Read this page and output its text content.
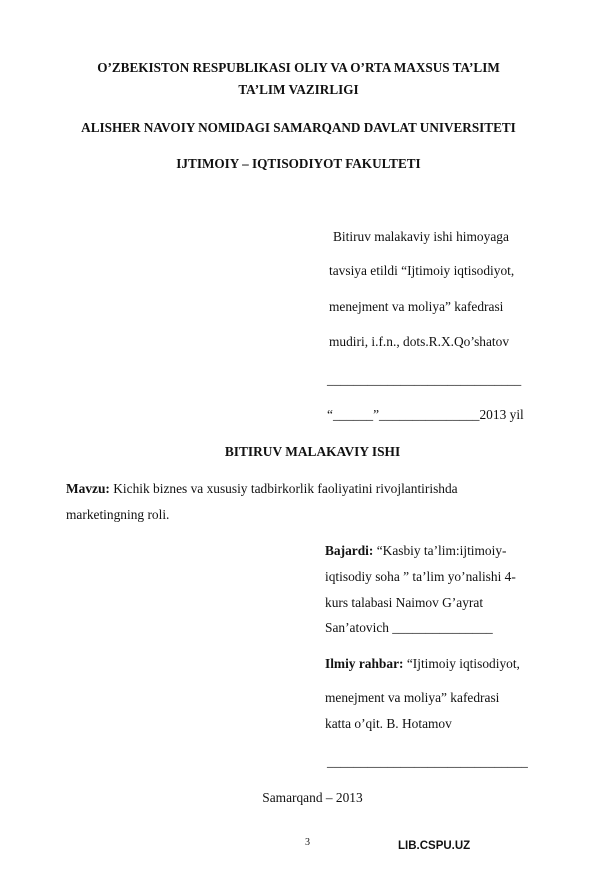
O’ZBEKISTON RESPUBLIKASI OLIY VA O’RTA MAXSUS TA’LIM
TA’LIM VAZIRLIGI
ALISHER NAVOIY NOMIDAGI SAMARQAND DAVLAT UNIVERSITETI
IJTIMOIY – IQTISODIYOT FAKULTETI
Bitiruv malakaviy ishi himoyaga
tavsiya etildi “Ijtimoiy iqtisodiyot,
menejment va moliya” kafedrasi
mudiri, i.f.n., dots.R.X.Qo’shatov
_____________________________
“______”_______________2013 yil
BITIRUV MALAKAVIY ISHI
Mavzu: Kichik biznes va xususiy tadbirkorlik faoliyatini rivojlantirishda
marketingning roli.
Bajardi: “Kasbiy ta’lim:ijtimoiy-
iqtisodiy soha ” ta’lim yo’nalishi 4-
kurs talabasi Naimov G’ayrat
San’atovich _______________
Ilmiy rahbar: “Ijtimoiy iqtisodiyot,
menejment va moliya” kafedrasi
katta o’qit. B. Hotamov
______________________________
Samarqand – 2013
3	LIB.CSPU.UZ
